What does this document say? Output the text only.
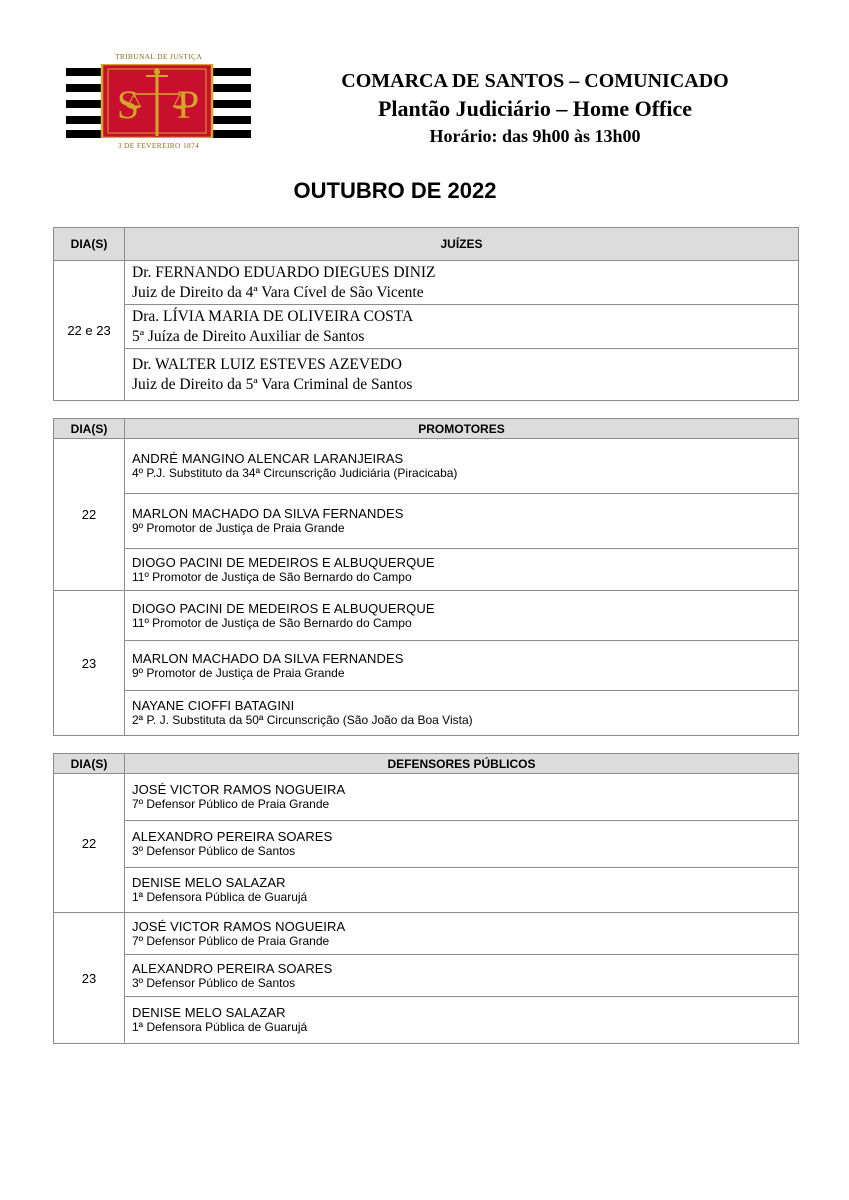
TRIBUNAL DE JUSTIÇA
S P
3 DE FEVEREIRO 1874
COMARCA DE SANTOS – COMUNICADO
Plantão Judiciário – Home Office
Horário: das 9h00 às 13h00
OUTUBRO DE 2022
DIA(S)	JUÍZES
22 e 23	Dr. FERNANDO EDUARDO DIEGUES DINIZ
Juiz de Direito da 4ª Vara Cível de São Vicente

	Dra. LÍVIA MARIA DE OLIVEIRA COSTA
5ª Juíza de Direito Auxiliar de Santos

	Dr. WALTER LUIZ ESTEVES AZEVEDO
Juiz de Direito da 5ª Vara Criminal de Santos
DIA(S)	PROMOTORES
22	ANDRÉ MANGINO ALENCAR LARANJEIRAS
4º P.J. Substituto da 34ª Circunscrição Judiciária (Piracicaba)

	MARLON MACHADO DA SILVA FERNANDES
9º Promotor de Justiça de Praia Grande

	DIOGO PACINI DE MEDEIROS E ALBUQUERQUE
11º Promotor de Justiça de São Bernardo do Campo

23	DIOGO PACINI DE MEDEIROS E ALBUQUERQUE
11º Promotor de Justiça de São Bernardo do Campo

	MARLON MACHADO DA SILVA FERNANDES
9º Promotor de Justiça de Praia Grande

	NAYANE CIOFFI BATAGINI
2ª P. J. Substituta da 50ª Circunscrição (São João da Boa Vista)
DIA(S)	DEFENSORES PÚBLICOS
22	JOSÉ VICTOR RAMOS NOGUEIRA
7º Defensor Público de Praia Grande

	ALEXANDRO PEREIRA SOARES
3º Defensor Público de Santos

	DENISE MELO SALAZAR
1ª Defensora Pública de Guarujá

23	JOSÉ VICTOR RAMOS NOGUEIRA
7º Defensor Público de Praia Grande

	ALEXANDRO PEREIRA SOARES
3º Defensor Público de Santos

	DENISE MELO SALAZAR
1ª Defensora Pública de Guarujá
